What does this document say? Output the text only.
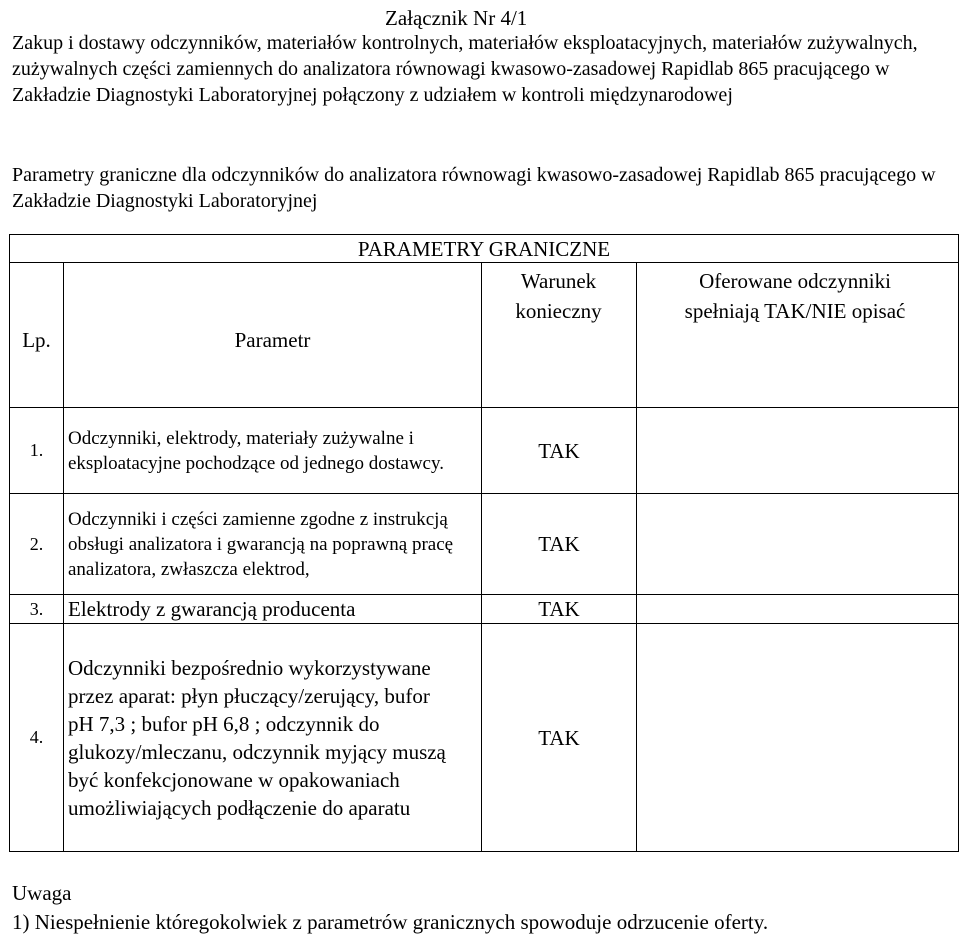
Załącznik Nr 4/1
Zakup i dostawy odczynników, materiałów kontrolnych, materiałów eksploatacyjnych, materiałów zużywalnych, zużywalnych części zamiennych do analizatora równowagi kwasowo-zasadowej Rapidlab 865 pracującego w Zakładzie Diagnostyki Laboratoryjnej połączony z udziałem w kontroli międzynarodowej
Parametry graniczne dla odczynników do analizatora równowagi kwasowo-zasadowej Rapidlab 865 pracującego w Zakładzie Diagnostyki Laboratoryjnej
PARAMETRY GRANICZNE
Lp.	Parametr
Warunek konieczny
Oferowane odczynniki spełniają TAK/NIE opisać
1.
Odczynniki, elektrody, materiały zużywalne i eksploatacyjne pochodzące od jednego dostawcy.
TAK
2.
Odczynniki i części zamienne zgodne z instrukcją obsługi analizatora i gwarancją na poprawną pracę analizatora, zwłaszcza elektrod,
TAK
3. Elektrody z gwarancją producenta	TAK
4.
Odczynniki bezpośrednio wykorzystywane przez aparat: płyn płuczący/zerujący, bufor pH 7,3 ; bufor pH 6,8 ; odczynnik do glukozy/mleczanu, odczynnik myjący muszą być konfekcjonowane w opakowaniach umożliwiających podłączenie do aparatu
TAK
Uwaga
1) Niespełnienie któregokolwiek z parametrów granicznych spowoduje odrzucenie oferty.
